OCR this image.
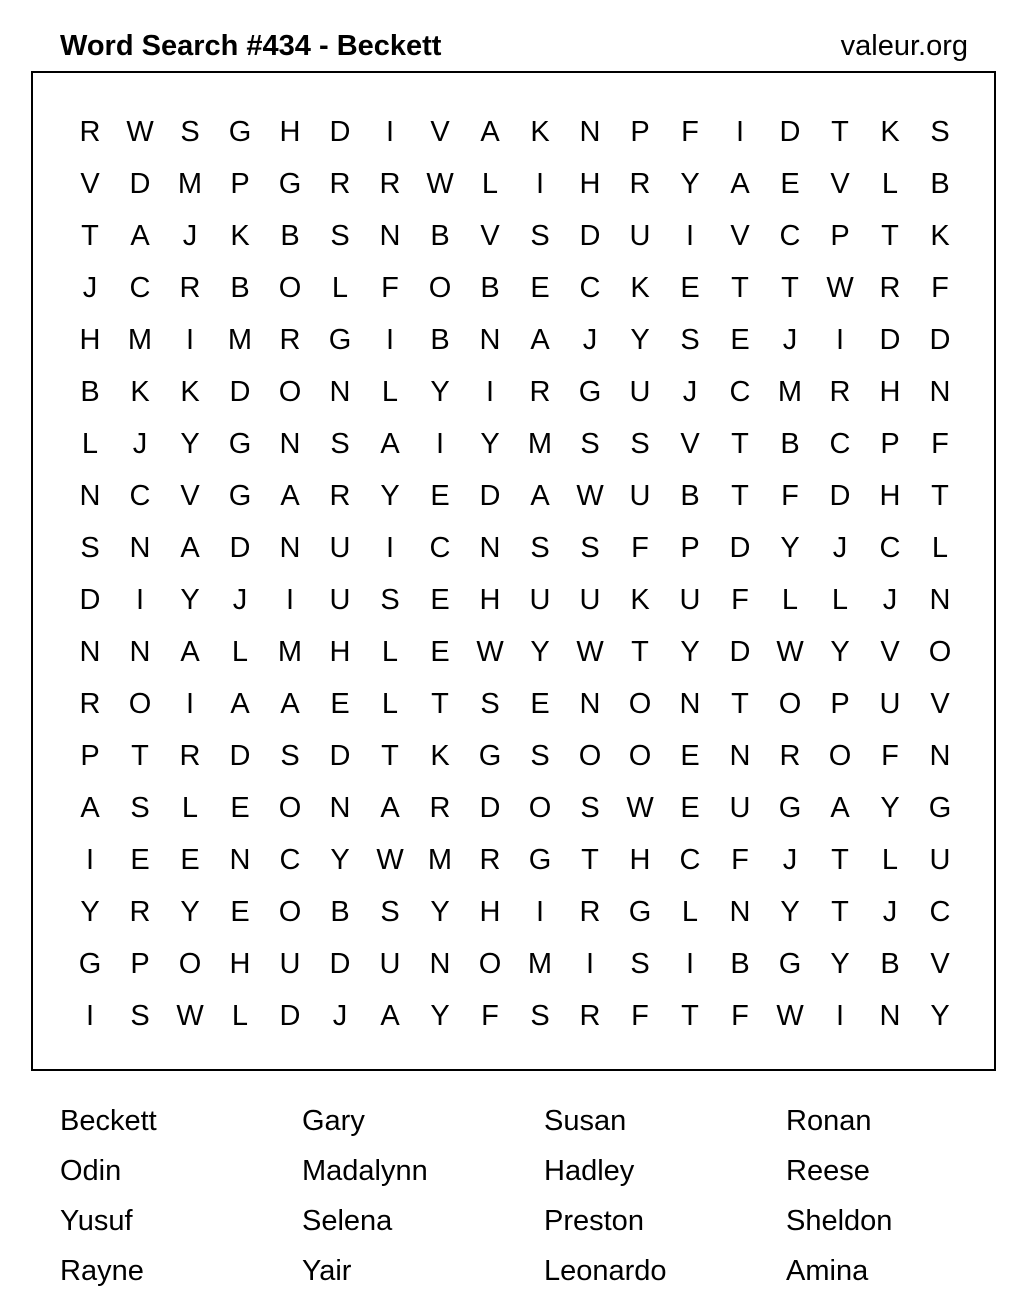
Word Search #434 - Beckett	valeur.org
R W S	G H	D	I	V	A	K	N	P	F	I	D	T	K	S
V	D M P	G R	R W L	I	H	R	Y	A	E	V	L	B
T	A	J	K	B	S	N	B	V	S	D	U	I	V	C	P	T	K
J	C	R	B	O	L	F	O	B	E	C	K	E	T	T W R	F
H M	I	M R G	I	B	N	A	J	Y	S	E	J	I	D	D
B	K	K	D O N	L	Y	I	R G U	J	C M R	H	N
L	J	Y	G N	S	A	I	Y M S	S	V	T	B	C	P	F
N	C	V	G	A	R	Y	E	D	A W U	B	T	F	D	H	T
S	N	A	D	N	U	I	C	N	S	S	F	P	D	Y	J	C	L
D	I	Y	J	I	U	S	E	H	U	U	K	U	F	L	L	J	N
N	N	A	L	M H	L	E W Y W T	Y	D W Y	V	O
R O	I	A	A	E	L	T	S	E	N O N	T	O	P	U	V
P	T	R	D	S	D	T	K	G	S	O O	E	N	R O	F	N
A	S	L	E	O N	A	R	D O	S W E	U G	A	Y	G
I	E	E	N	C	Y W M R G	T	H	C	F	J	T	L	U
Y	R	Y	E	O	B	S	Y	H	I	R G	L	N	Y	T	J	C
G	P	O H	U	D	U	N O M	I	S	I	B	G	Y	B	V
I	S W L	D	J	A	Y	F	S	R	F	T	F W	I	N	Y
Beckett	Gary	Susan	Ronan
Odin	Madalynn	Hadley	Reese
Yusuf	Selena	Preston	Sheldon
Rayne	Yair	Leonardo	Amina
